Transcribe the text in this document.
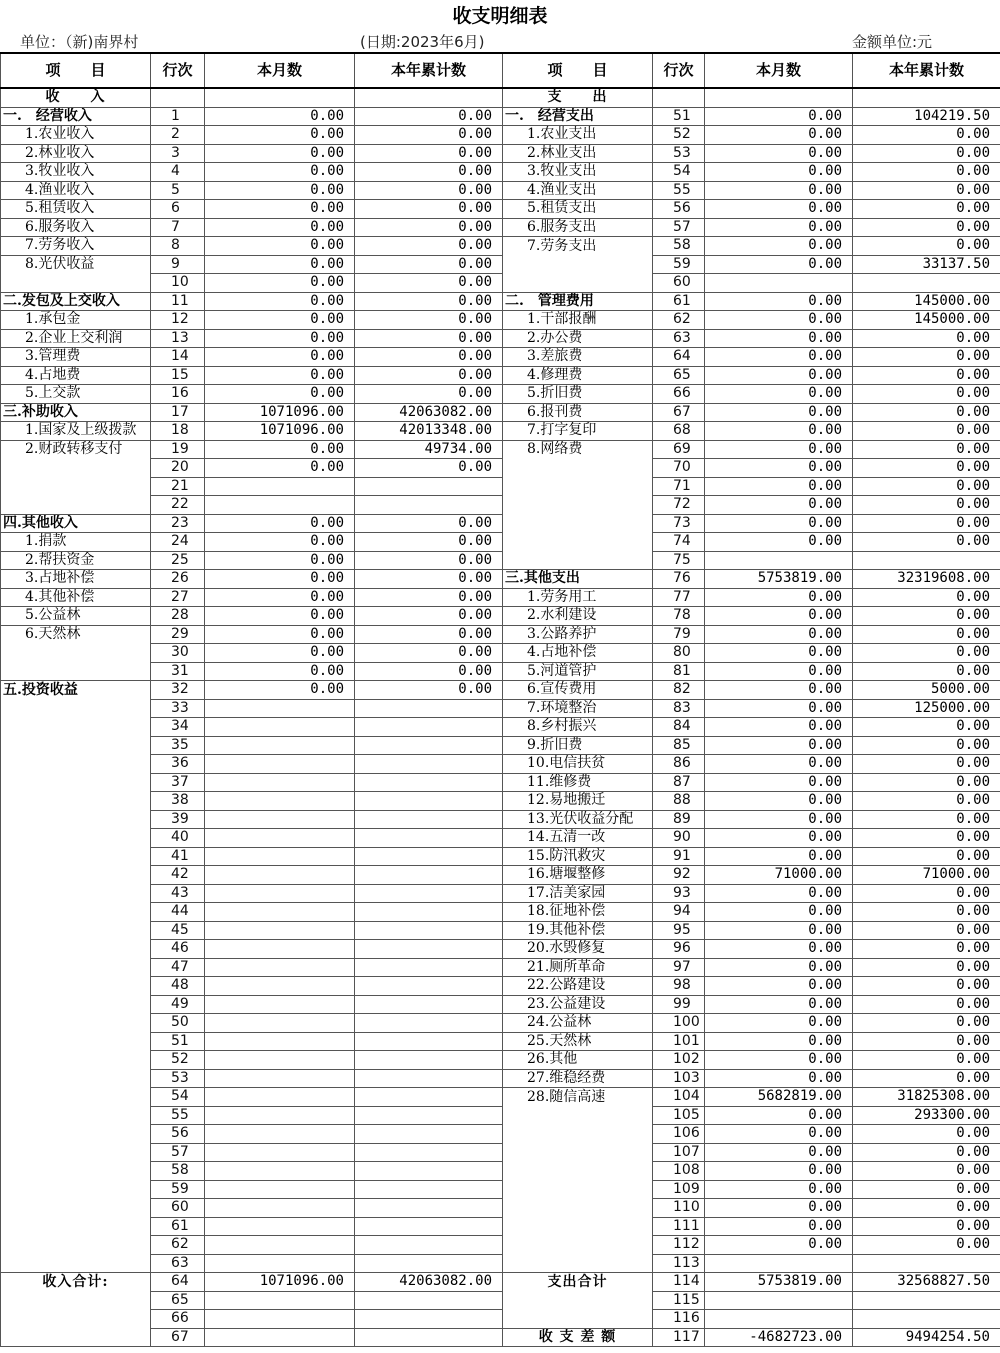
收支明细表
单位：（新)南界村	(日期:2023年6月)	金额单位:元
项　　目	行次	本月数	本年累计数	项　　目	行次	本月数	本年累计数
收　　入				支　　出			
一.　经营收入	1	0.00	0.00	一.　经营支出	51	0.00	104219.50
1.农业收入	2	0.00	0.00	1.农业支出	52	0.00	0.00
2.林业收入	3	0.00	0.00	2.林业支出	53	0.00	0.00
3.牧业收入	4	0.00	0.00	3.牧业支出	54	0.00	0.00
4.渔业收入	5	0.00	0.00	4.渔业支出	55	0.00	0.00
5.租赁收入	6	0.00	0.00	5.租赁支出	56	0.00	0.00
6.服务收入	7	0.00	0.00	6.服务支出	57	0.00	0.00
7.劳务收入	8	0.00	0.00	7.劳务支出	58	0.00	0.00
8.光伏收益	9	0.00	0.00		59	0.00	33137.50
	10	0.00	0.00		60		
二.发包及上交收入	11	0.00	0.00	二.　管理费用	61	0.00	145000.00
1.承包金	12	0.00	0.00	1.干部报酬	62	0.00	145000.00
2.企业上交利润	13	0.00	0.00	2.办公费	63	0.00	0.00
3.管理费	14	0.00	0.00	3.差旅费	64	0.00	0.00
4.占地费	15	0.00	0.00	4.修理费	65	0.00	0.00
5.上交款	16	0.00	0.00	5.折旧费	66	0.00	0.00
三.补助收入	17	1071096.00	42063082.00	6.报刊费	67	0.00	0.00
1.国家及上级拨款	18	1071096.00	42013348.00	7.打字复印	68	0.00	0.00
2.财政转移支付	19	0.00	49734.00	8.网络费	69	0.00	0.00
	20	0.00	0.00		70	0.00	0.00
	21				71	0.00	0.00
	22				72	0.00	0.00
四.其他收入	23	0.00	0.00		73	0.00	0.00
1.捐款	24	0.00	0.00		74	0.00	0.00
2.帮扶资金	25	0.00	0.00		75		
3.占地补偿	26	0.00	0.00	三.其他支出	76	5753819.00	32319608.00
4.其他补偿	27	0.00	0.00	1.劳务用工	77	0.00	0.00
5.公益林	28	0.00	0.00	2.水利建设	78	0.00	0.00
6.天然林	29	0.00	0.00	3.公路养护	79	0.00	0.00
	30	0.00	0.00	4.占地补偿	80	0.00	0.00
	31	0.00	0.00	5.河道管护	81	0.00	0.00
五.投资收益	32	0.00	0.00	6.宣传费用	82	0.00	5000.00
	33			7.环境整治	83	0.00	125000.00
	34			8.乡村振兴	84	0.00	0.00
	35			9.折旧费	85	0.00	0.00
	36			10.电信扶贫	86	0.00	0.00
	37			11.维修费	87	0.00	0.00
	38			12.易地搬迁	88	0.00	0.00
	39			13.光伏收益分配	89	0.00	0.00
	40			14.五清一改	90	0.00	0.00
	41			15.防汛救灾	91	0.00	0.00
	42			16.塘堰整修	92	71000.00	71000.00
	43			17.洁美家园	93	0.00	0.00
	44			18.征地补偿	94	0.00	0.00
	45			19.其他补偿	95	0.00	0.00
	46			20.水毁修复	96	0.00	0.00
	47			21.厕所革命	97	0.00	0.00
	48			22.公路建设	98	0.00	0.00
	49			23.公益建设	99	0.00	0.00
	50			24.公益林	100	0.00	0.00
	51			25.天然林	101	0.00	0.00
	52			26.其他	102	0.00	0.00
	53			27.维稳经费	103	0.00	0.00
	54			28.随信高速	104	5682819.00	31825308.00
	55				105	0.00	293300.00
	56				106	0.00	0.00
	57				107	0.00	0.00
	58				108	0.00	0.00
	59				109	0.00	0.00
	60				110	0.00	0.00
	61				111	0.00	0.00
	62				112	0.00	0.00
	63				113		
收入合计:	64	1071096.00	42063082.00	支出合计	114	5753819.00	32568827.50
	65				115		
	66				116		
	67			收 支 差 额	117	-4682723.00	9494254.50
